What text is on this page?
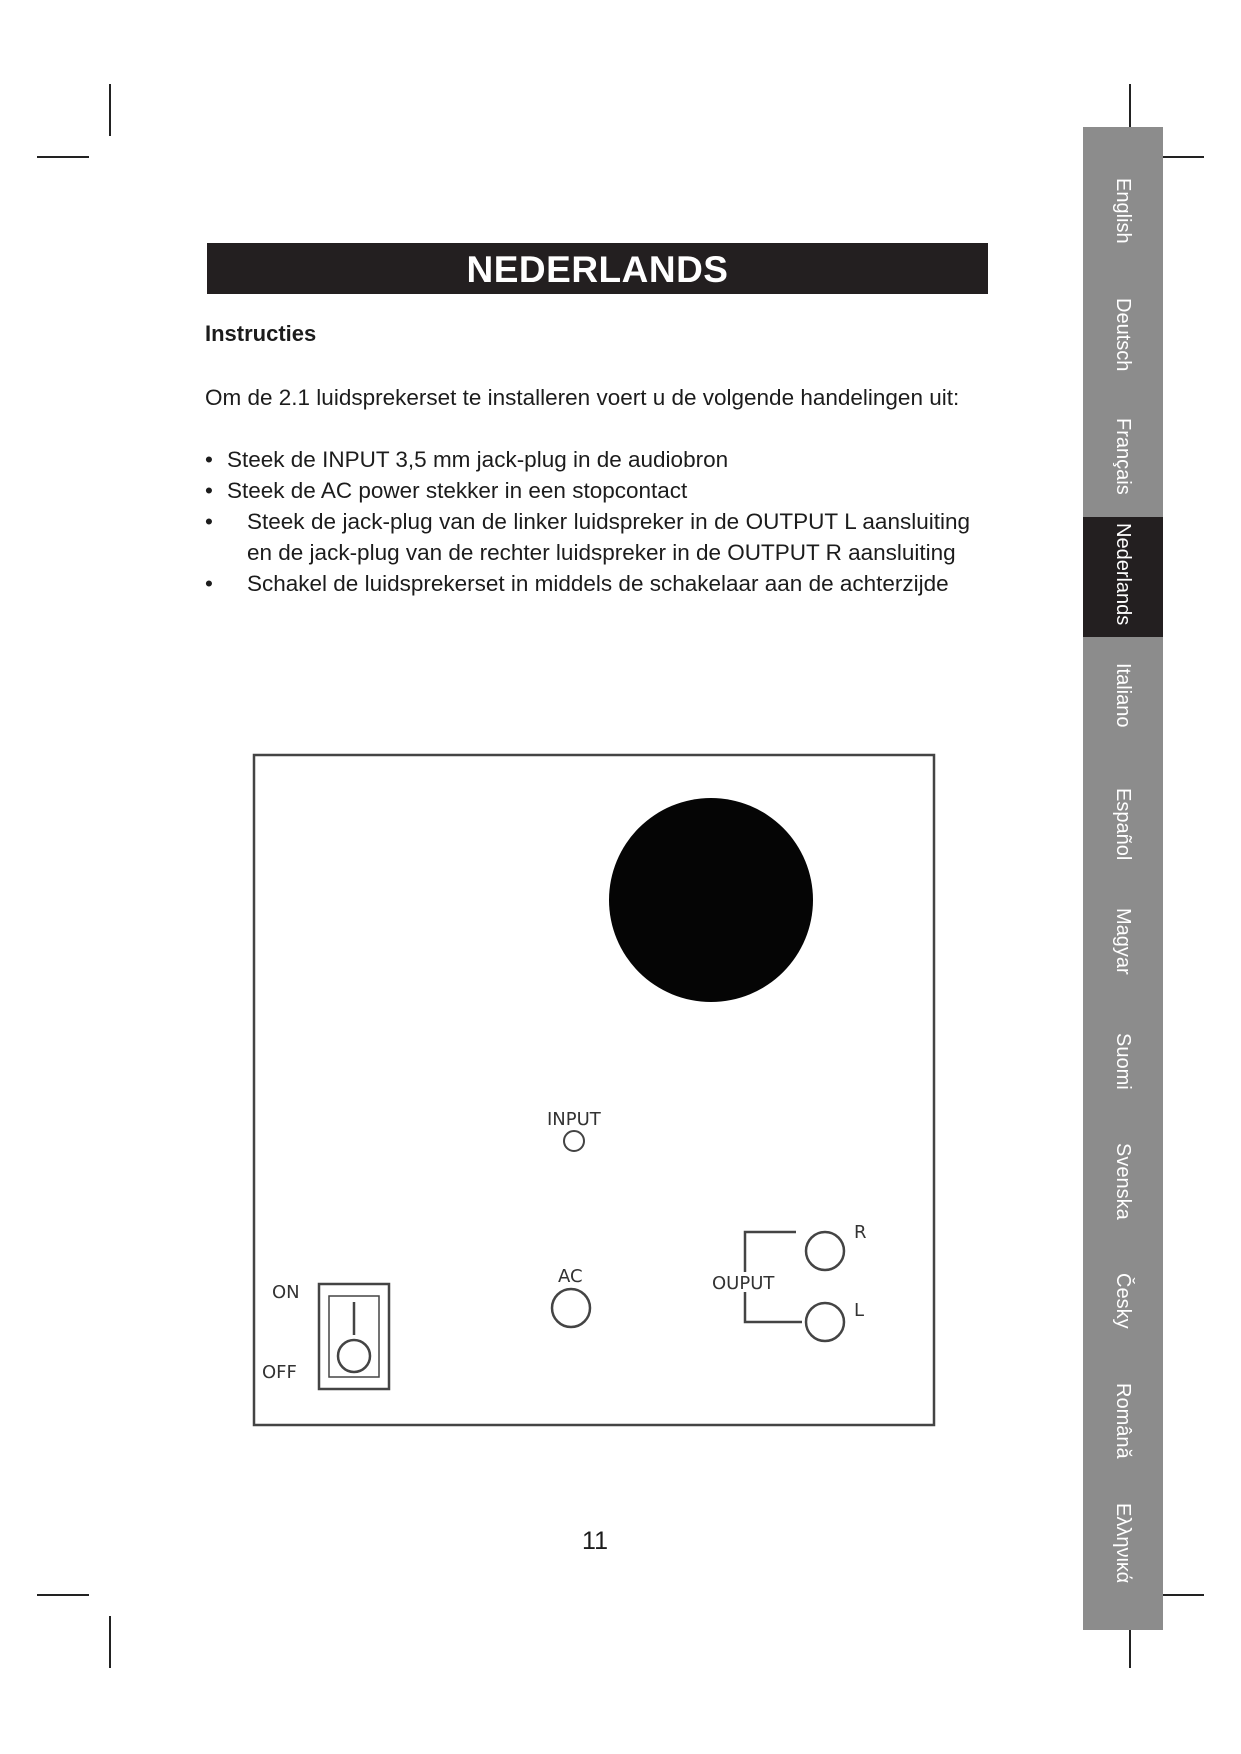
NEDERLANDS
Instructies
Om de 2.1 luidsprekerset te installeren voert u de volgende handelingen uit:
• Steek de INPUT 3,5 mm jack-plug in de audiobron
• Steek de AC power stekker in een stopcontact
• Steek de jack-plug van de linker luidspreker in de OUTPUT L aansluiting en de jack-plug van de rechter luidspreker in de OUTPUT R aansluiting
• Schakel de luidsprekerset in middels de schakelaar aan de achterzijde
INPUT
AC	OUPUT
R
L
ON
OFF
11
English
Deutsch
Français
Nederlands
Italiano
Español
Magyar
Suomi
Svenska
Česky
Română
Ελληνικά
